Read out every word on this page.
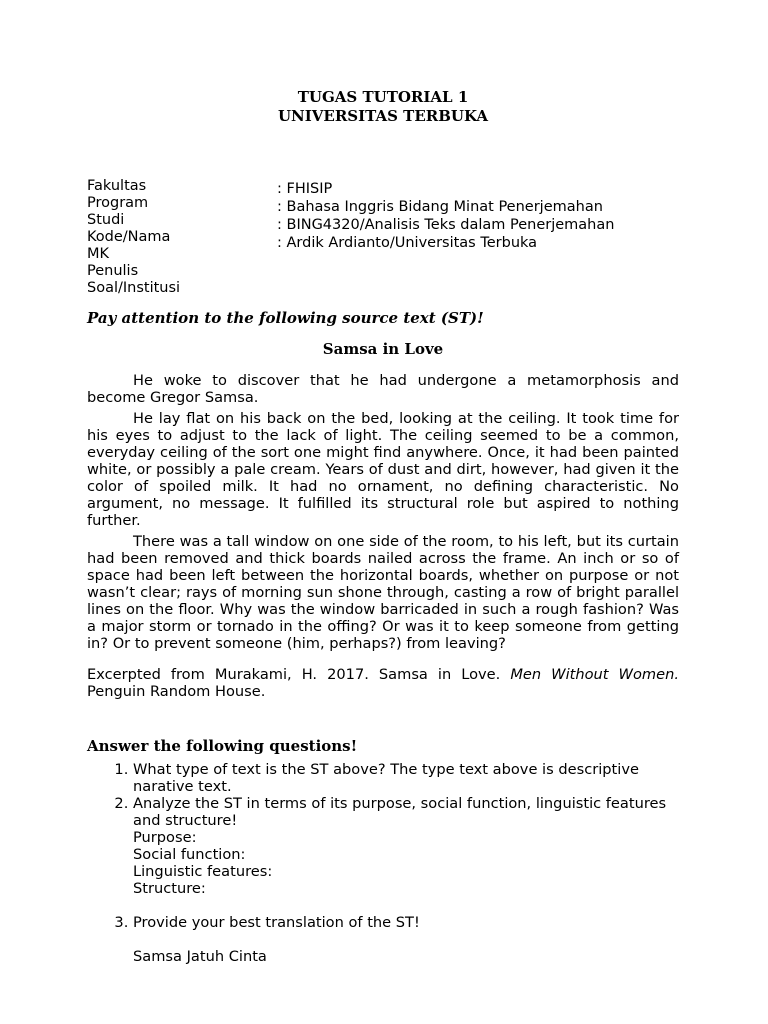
TUGAS TUTORIAL 1
UNIVERSITAS TERBUKA
Fakultas
Program
Studi
Kode/Nama
MK
Penulis
Soal/Institusi
: FHISIP
: Bahasa Inggris Bidang Minat Penerjemahan
: BING4320/Analisis Teks dalam Penerjemahan
: Ardik Ardianto/Universitas Terbuka
Pay attention to the following source text (ST)!
Samsa in Love

He woke to discover that he had undergone a metamorphosis and become Gregor Samsa.

He lay flat on his back on the bed, looking at the ceiling. It took time for his eyes to adjust to the lack of light. The ceiling seemed to be a common, everyday ceiling of the sort one might find anywhere. Once, it had been painted white, or possibly a pale cream. Years of dust and dirt, however, had given it the color of spoiled milk. It had no ornament, no defining characteristic. No argument, no message. It fulfilled its structural role but aspired to nothing further.

There was a tall window on one side of the room, to his left, but its curtain had been removed and thick boards nailed across the frame. An inch or so of space had been left between the horizontal boards, whether on purpose or not wasn’t clear; rays of morning sun shone through, casting a row of bright parallel lines on the floor. Why was the window barricaded in such a rough fashion? Was a major storm or tornado in the offing? Or was it to keep someone from getting in? Or to prevent someone (him, perhaps?) from leaving?

Excerpted from Murakami, H. 2017. Samsa in Love. Men Without Women. Penguin Random House.
Answer the following questions!
1. What type of text is the ST above? The type text above is descriptive narative text.
2. Analyze the ST in terms of its purpose, social function, linguistic features and structure!
Purpose:
Social function:
Linguistic features:
Structure:
3. Provide your best translation of the ST!
Samsa Jatuh Cinta
